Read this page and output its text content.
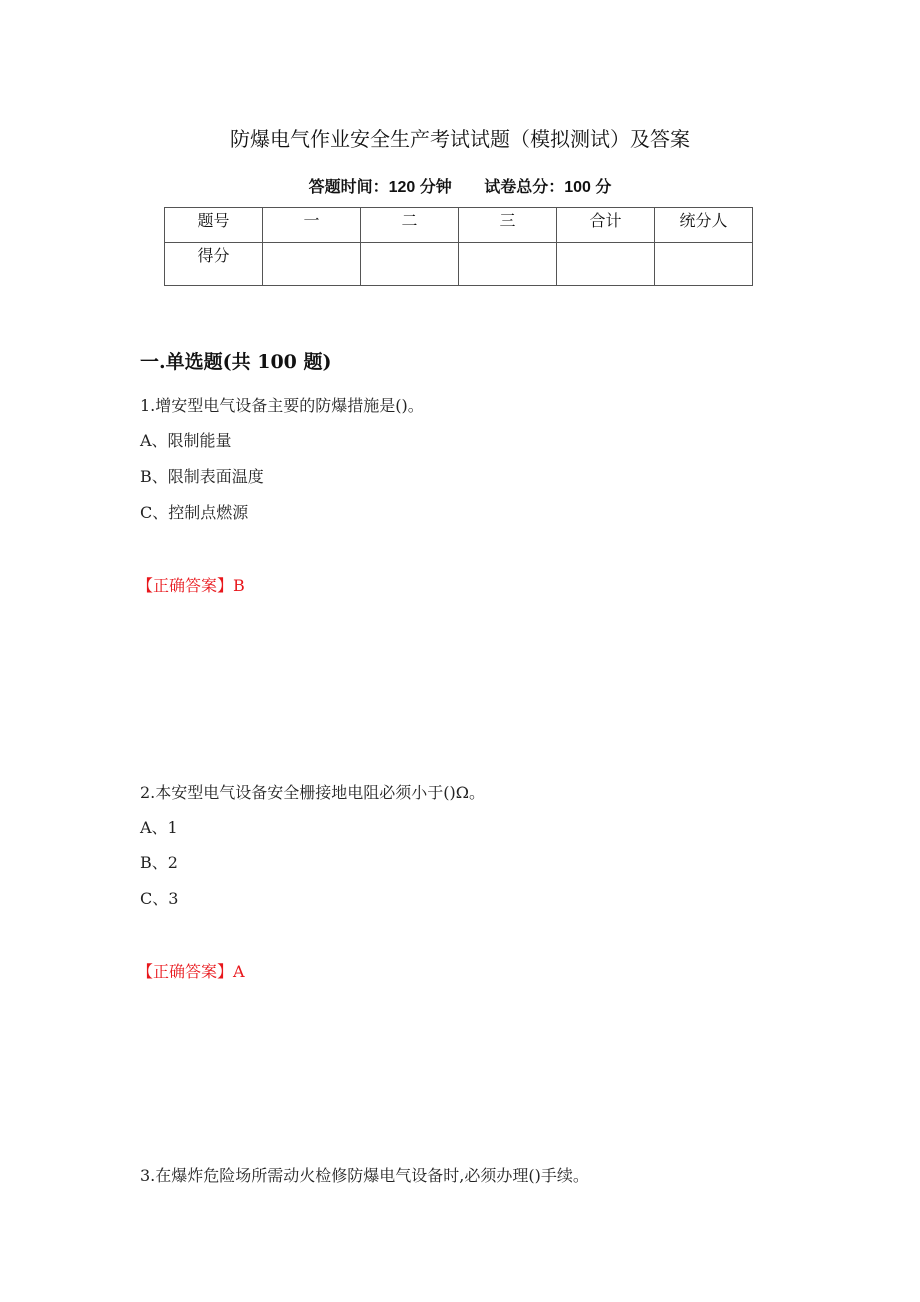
防爆电气作业安全生产考试试题（模拟测试）及答案
答题时间：120 分钟 试卷总分：100 分
题号	一	二	三	合计	统分人
得分					
一.单选题(共 100 题)
1.增安型电气设备主要的防爆措施是()。
A、限制能量
B、限制表面温度
C、控制点燃源
【正确答案】B
2.本安型电气设备安全栅接地电阻必须小于()Ω。
A、1
B、2
C、3
【正确答案】A
3.在爆炸危险场所需动火检修防爆电气设备时,必须办理()手续。
